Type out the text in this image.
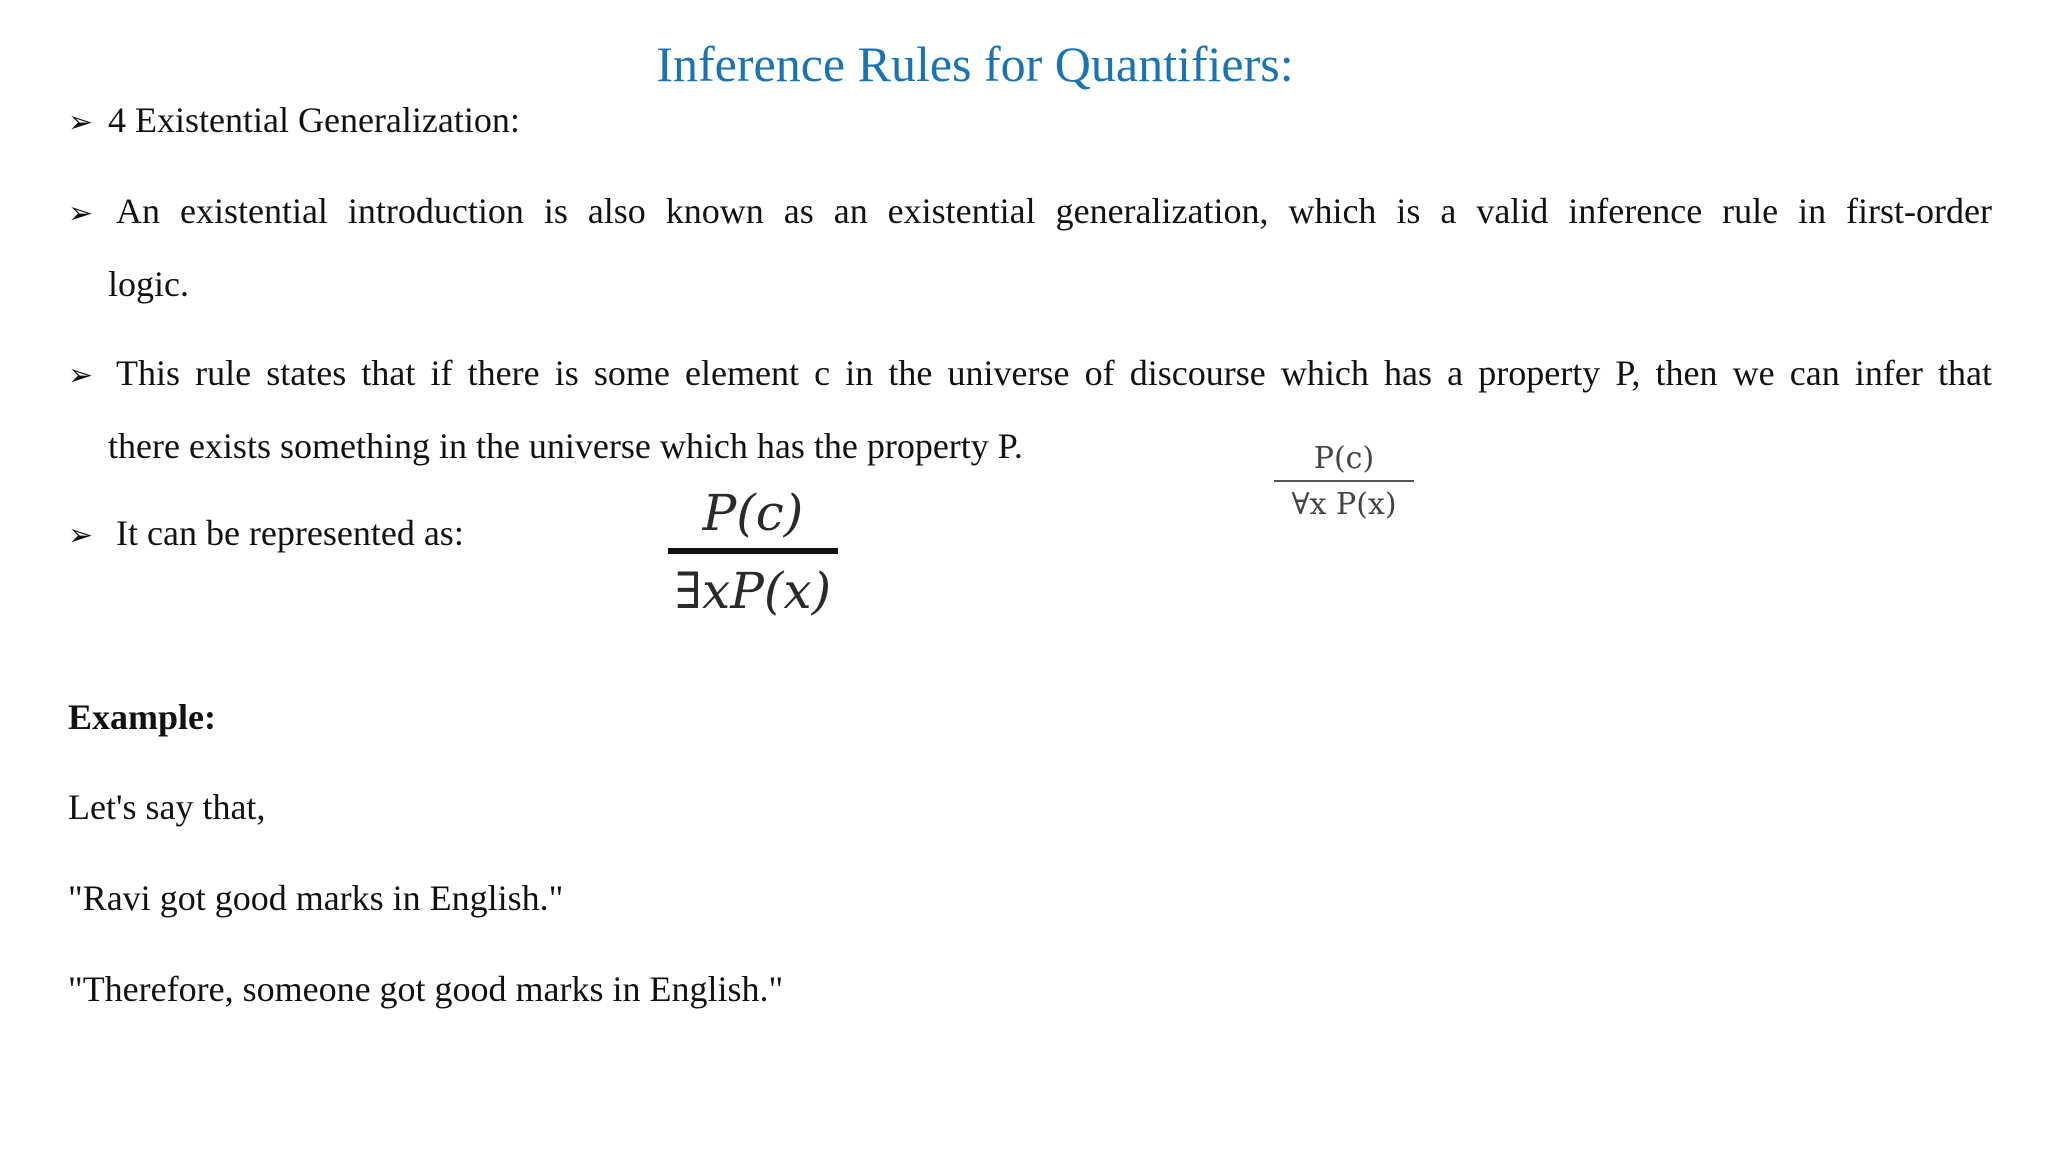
Inference Rules for Quantifiers:
➢ 4 Existential Generalization:
➢ An existential introduction is also known as an existential generalization, which is a valid inference rule in first-order
logic.
➢ This rule states that if there is some element c in the universe of discourse which has a property P, then we can infer that
there exists something in the universe which has the property P.
➢ It can be represented as:	P(c)
∃xP(x)
P(c)
∀x P(x)
Example:
Let's say that,
"Ravi got good marks in English."
"Therefore, someone got good marks in English."
